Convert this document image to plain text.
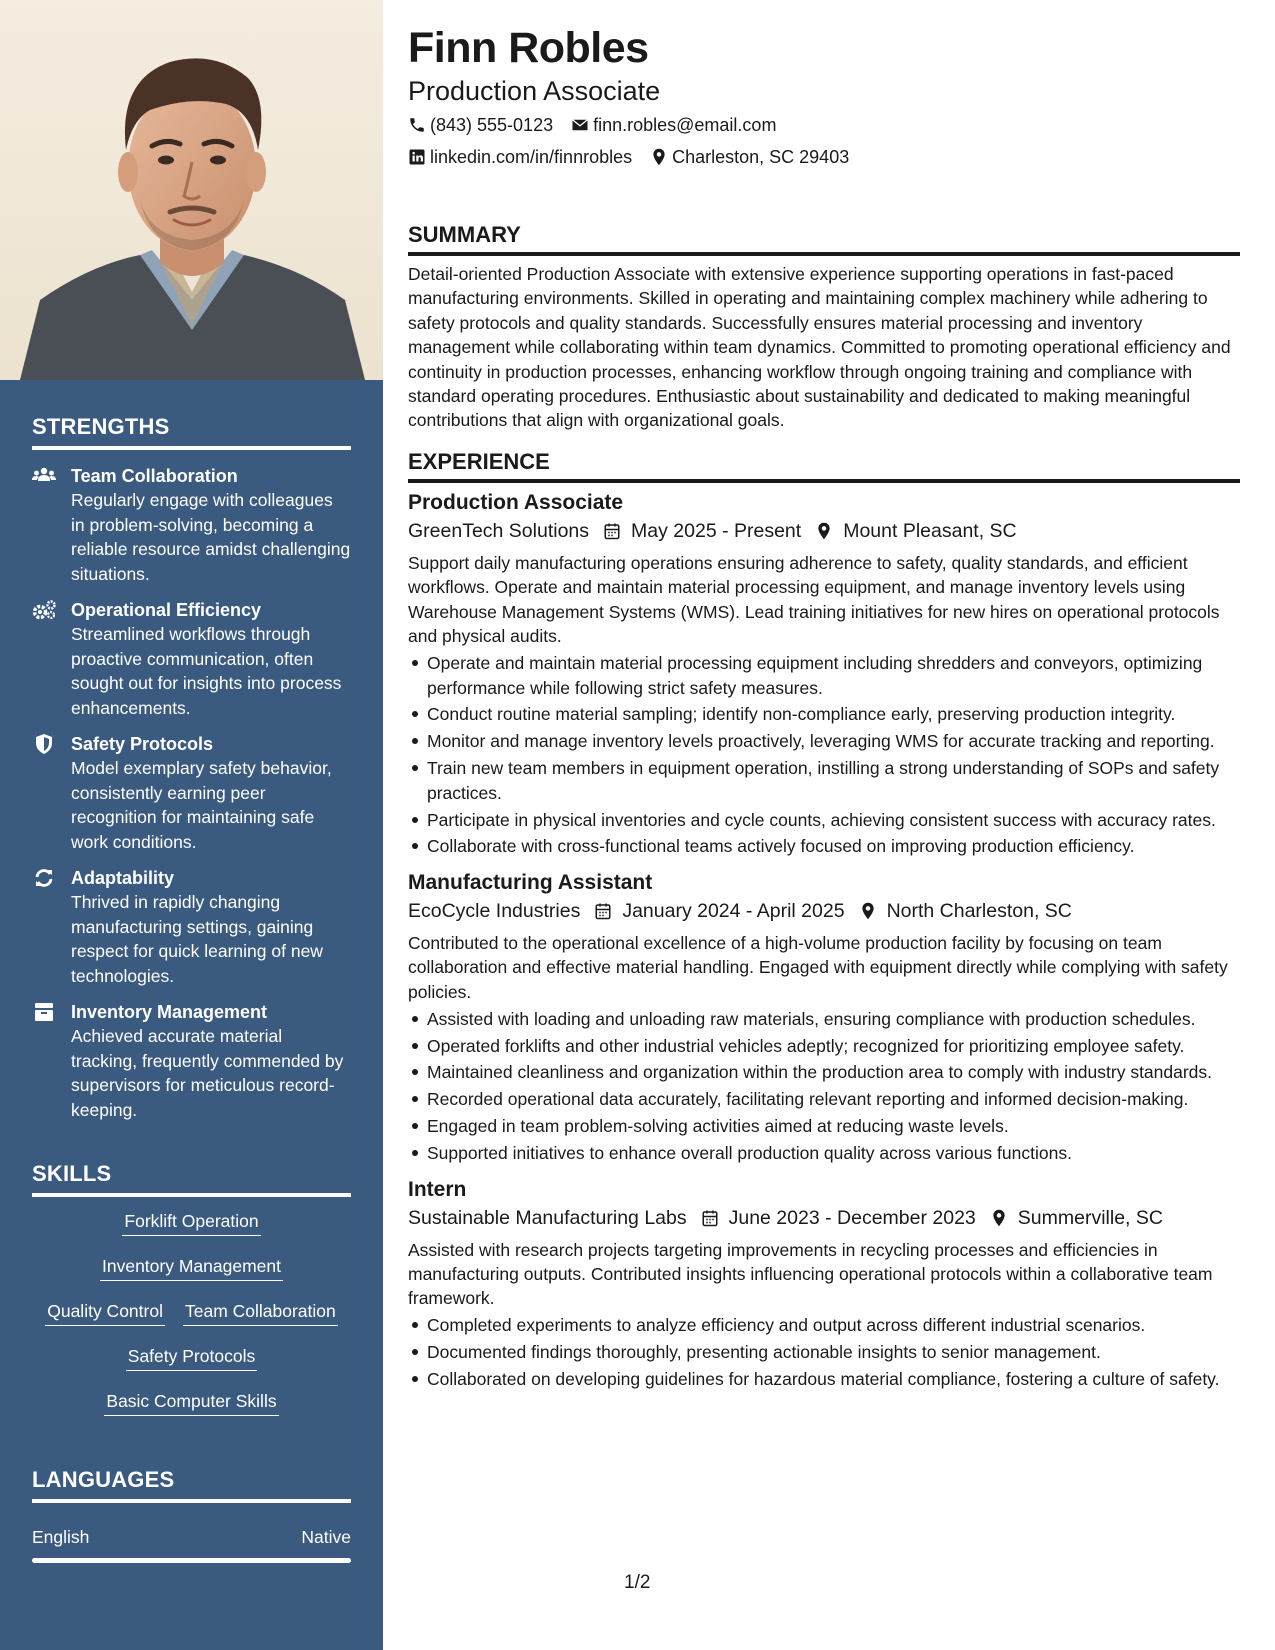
STRENGTHS
Team Collaboration
Regularly engage with colleagues in problem-solving, becoming a reliable resource amidst challenging situations.
Operational Efficiency
Streamlined workflows through proactive communication, often sought out for insights into process enhancements.
Safety Protocols
Model exemplary safety behavior, consistently earning peer recognition for maintaining safe work conditions.
Adaptability
Thrived in rapidly changing manufacturing settings, gaining respect for quick learning of new technologies.
Inventory Management
Achieved accurate material tracking, frequently commended by supervisors for meticulous record-keeping.
SKILLS
Forklift Operation
Inventory Management
Quality Control Team Collaboration
Safety Protocols
Basic Computer Skills
LANGUAGES
English	Native
Finn Robles
Production Associate
(843) 555-0123 finn.robles@email.com
linkedin.com/in/finnrobles Charleston, SC 29403
SUMMARY
Detail-oriented Production Associate with extensive experience supporting operations in fast-paced manufacturing environments. Skilled in operating and maintaining complex machinery while adhering to safety protocols and quality standards. Successfully ensures material processing and inventory management while collaborating within team dynamics. Committed to promoting operational efficiency and continuity in production processes, enhancing workflow through ongoing training and compliance with standard operating procedures. Enthusiastic about sustainability and dedicated to making meaningful contributions that align with organizational goals.
EXPERIENCE
Production Associate
GreenTech Solutions May 2025 - Present Mount Pleasant, SC
Support daily manufacturing operations ensuring adherence to safety, quality standards, and efficient workflows. Operate and maintain material processing equipment, and manage inventory levels using Warehouse Management Systems (WMS). Lead training initiatives for new hires on operational protocols and physical audits.
Operate and maintain material processing equipment including shredders and conveyors, optimizing performance while following strict safety measures.
Conduct routine material sampling; identify non-compliance early, preserving production integrity.
Monitor and manage inventory levels proactively, leveraging WMS for accurate tracking and reporting.
Train new team members in equipment operation, instilling a strong understanding of SOPs and safety practices.
Participate in physical inventories and cycle counts, achieving consistent success with accuracy rates.
Collaborate with cross-functional teams actively focused on improving production efficiency.
Manufacturing Assistant
EcoCycle Industries January 2024 - April 2025 North Charleston, SC
Contributed to the operational excellence of a high-volume production facility by focusing on team collaboration and effective material handling. Engaged with equipment directly while complying with safety policies.
Assisted with loading and unloading raw materials, ensuring compliance with production schedules.
Operated forklifts and other industrial vehicles adeptly; recognized for prioritizing employee safety.
Maintained cleanliness and organization within the production area to comply with industry standards.
Recorded operational data accurately, facilitating relevant reporting and informed decision-making.
Engaged in team problem-solving activities aimed at reducing waste levels.
Supported initiatives to enhance overall production quality across various functions.
Intern
Sustainable Manufacturing Labs June 2023 - December 2023 Summerville, SC
Assisted with research projects targeting improvements in recycling processes and efficiencies in manufacturing outputs. Contributed insights influencing operational protocols within a collaborative team framework.
Completed experiments to analyze efficiency and output across different industrial scenarios.
Documented findings thoroughly, presenting actionable insights to senior management.
Collaborated on developing guidelines for hazardous material compliance, fostering a culture of safety.
1/2
